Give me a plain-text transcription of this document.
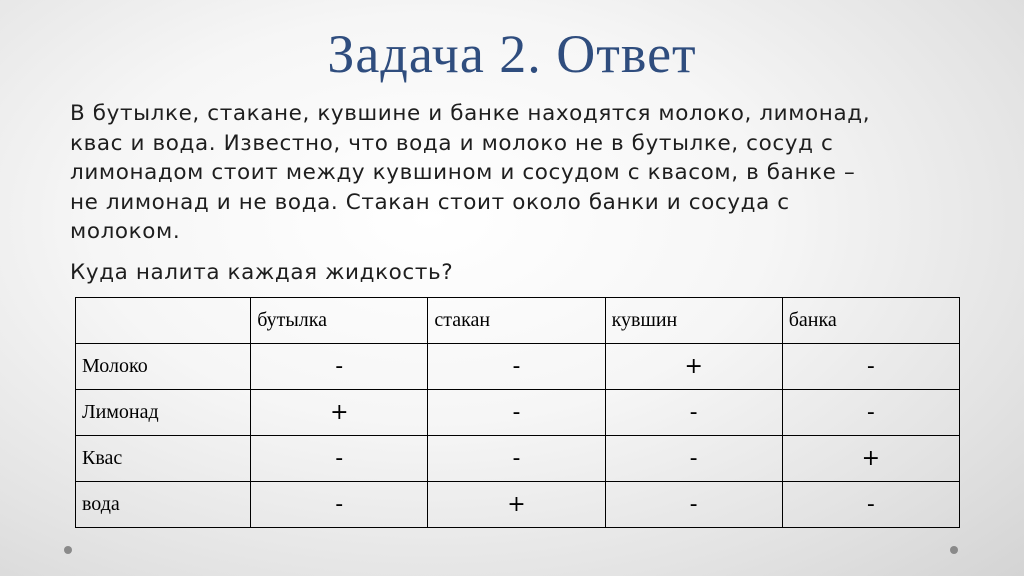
Задача 2. Ответ
В бутылке, стакане, кувшине и банке находятся молоко, лимонад,
квас и вода. Известно, что вода и молоко не в бутылке, сосуд с
лимонадом стоит между кувшином и сосудом с квасом, в банке –
не лимонад и не вода. Стакан стоит около банки и сосуда с
молоком.
Куда налита каждая жидкость?
	бутылка	стакан	кувшин	банка
Молоко	-	-	+	-
Лимонад	+	-	-	-
Квас	-	-	-	+
вода	-	+	-	-
